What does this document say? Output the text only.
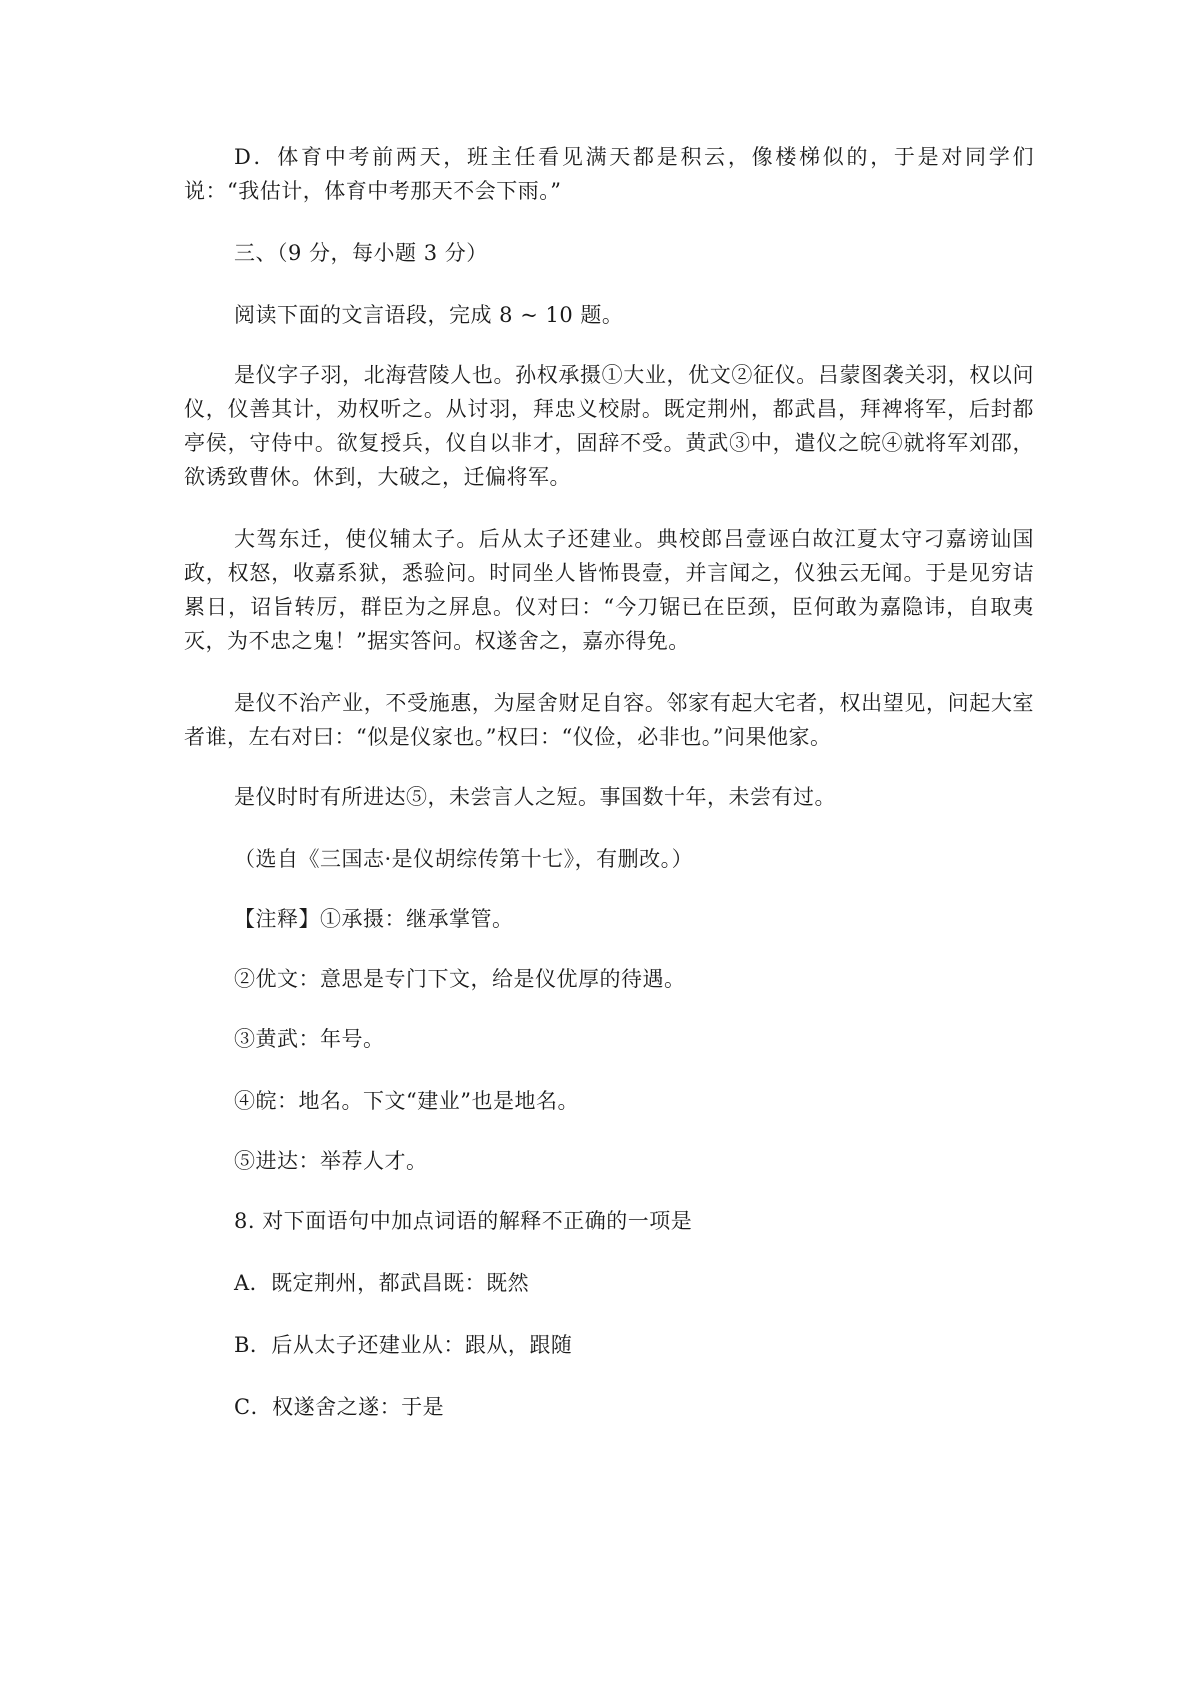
D．体育中考前两天，班主任看见满天都是积云，像楼梯似的，于是对同学们说：“我估计，体育中考那天不会下雨。”
三、（9 分，每小题 3 分）
阅读下面的文言语段，完成 8 ~ 10 题。
是仪字子羽，北海营陵人也。孙权承摄①大业，优文②征仪。吕蒙图袭关羽，权以问仪，仪善其计，劝权听之。从讨羽，拜忠义校尉。既定荆州，都武昌，拜裨将军，后封都亭侯，守侍中。欲复授兵，仪自以非才，固辞不受。黄武③中，遣仪之皖④就将军刘邵，欲诱致曹休。休到，大破之，迁偏将军。
大驾东迁，使仪辅太子。后从太子还建业。典校郎吕壹诬白故江夏太守刁嘉谤讪国政，权怒，收嘉系狱，悉验问。时同坐人皆怖畏壹，并言闻之，仪独云无闻。于是见穷诘累日，诏旨转厉，群臣为之屏息。仪对曰：“今刀锯已在臣颈，臣何敢为嘉隐讳，自取夷灭，为不忠之鬼！”据实答问。权遂舍之，嘉亦得免。
是仪不治产业，不受施惠，为屋舍财足自容。邻家有起大宅者，权出望见，问起大室者谁，左右对曰：“似是仪家也。”权曰：“仪俭，必非也。”问果他家。
是仪时时有所进达⑤，未尝言人之短。事国数十年，未尝有过。
（选自《三国志·是仪胡综传第十七》，有删改。）
【注释】①承摄：继承掌管。
②优文：意思是专门下文，给是仪优厚的待遇。
③黄武：年号。
④皖：地名。下文“建业”也是地名。
⑤进达：举荐人才。
8. 对下面语句中加点词语的解释不正确的一项是
A．既定荆州，都武昌既：既然
B．后从太子还建业从：跟从，跟随
C．权遂舍之遂：于是
